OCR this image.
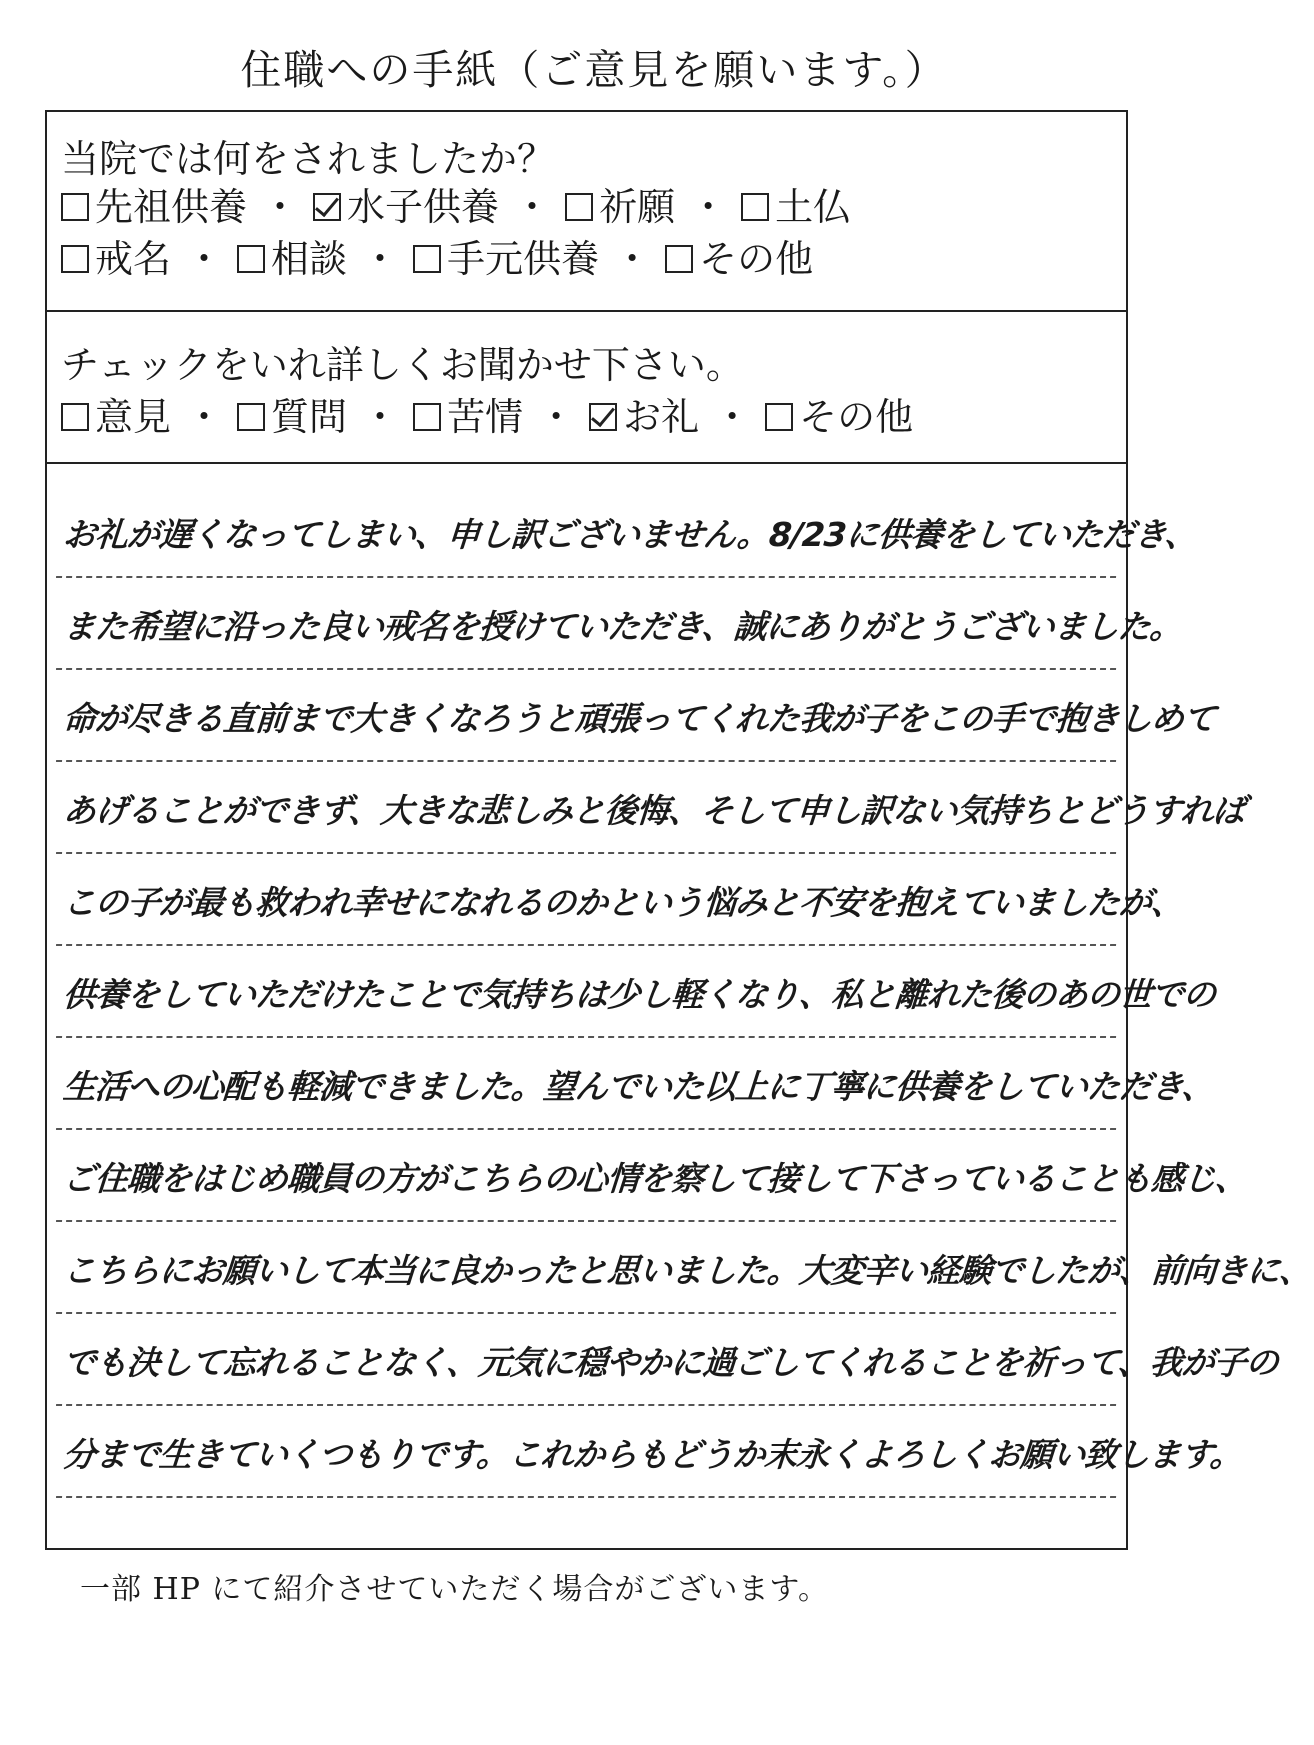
住職への手紙（ご意見を願います。）
当院では何をされましたか？
先祖供養 ・ 水子供養 ・ 祈願 ・ 土仏
戒名 ・ 相談 ・ 手元供養 ・ その他
チェックをいれ詳しくお聞かせ下さい。
意見 ・ 質問 ・ 苦情 ・ お礼 ・ その他
お礼が遅くなってしまい、申し訳ございません。8/23に供養をしていただき、
また希望に沿った良い戒名を授けていただき、誠にありがとうございました。
命が尽きる直前まで大きくなろうと頑張ってくれた我が子をこの手で抱きしめて
あげることができず、大きな悲しみと後悔、そして申し訳ない気持ちとどうすれば
この子が最も救われ幸せになれるのかという悩みと不安を抱えていましたが、
供養をしていただけたことで気持ちは少し軽くなり、私と離れた後のあの世での
生活への心配も軽減できました。望んでいた以上に丁寧に供養をしていただき、
ご住職をはじめ職員の方がこちらの心情を察して接して下さっていることも感じ、
こちらにお願いして本当に良かったと思いました。大変辛い経験でしたが、前向きに、
でも決して忘れることなく、元気に穏やかに過ごしてくれることを祈って、我が子の
分まで生きていくつもりです。これからもどうか末永くよろしくお願い致します。
一部 HP にて紹介させていただく場合がございます。
